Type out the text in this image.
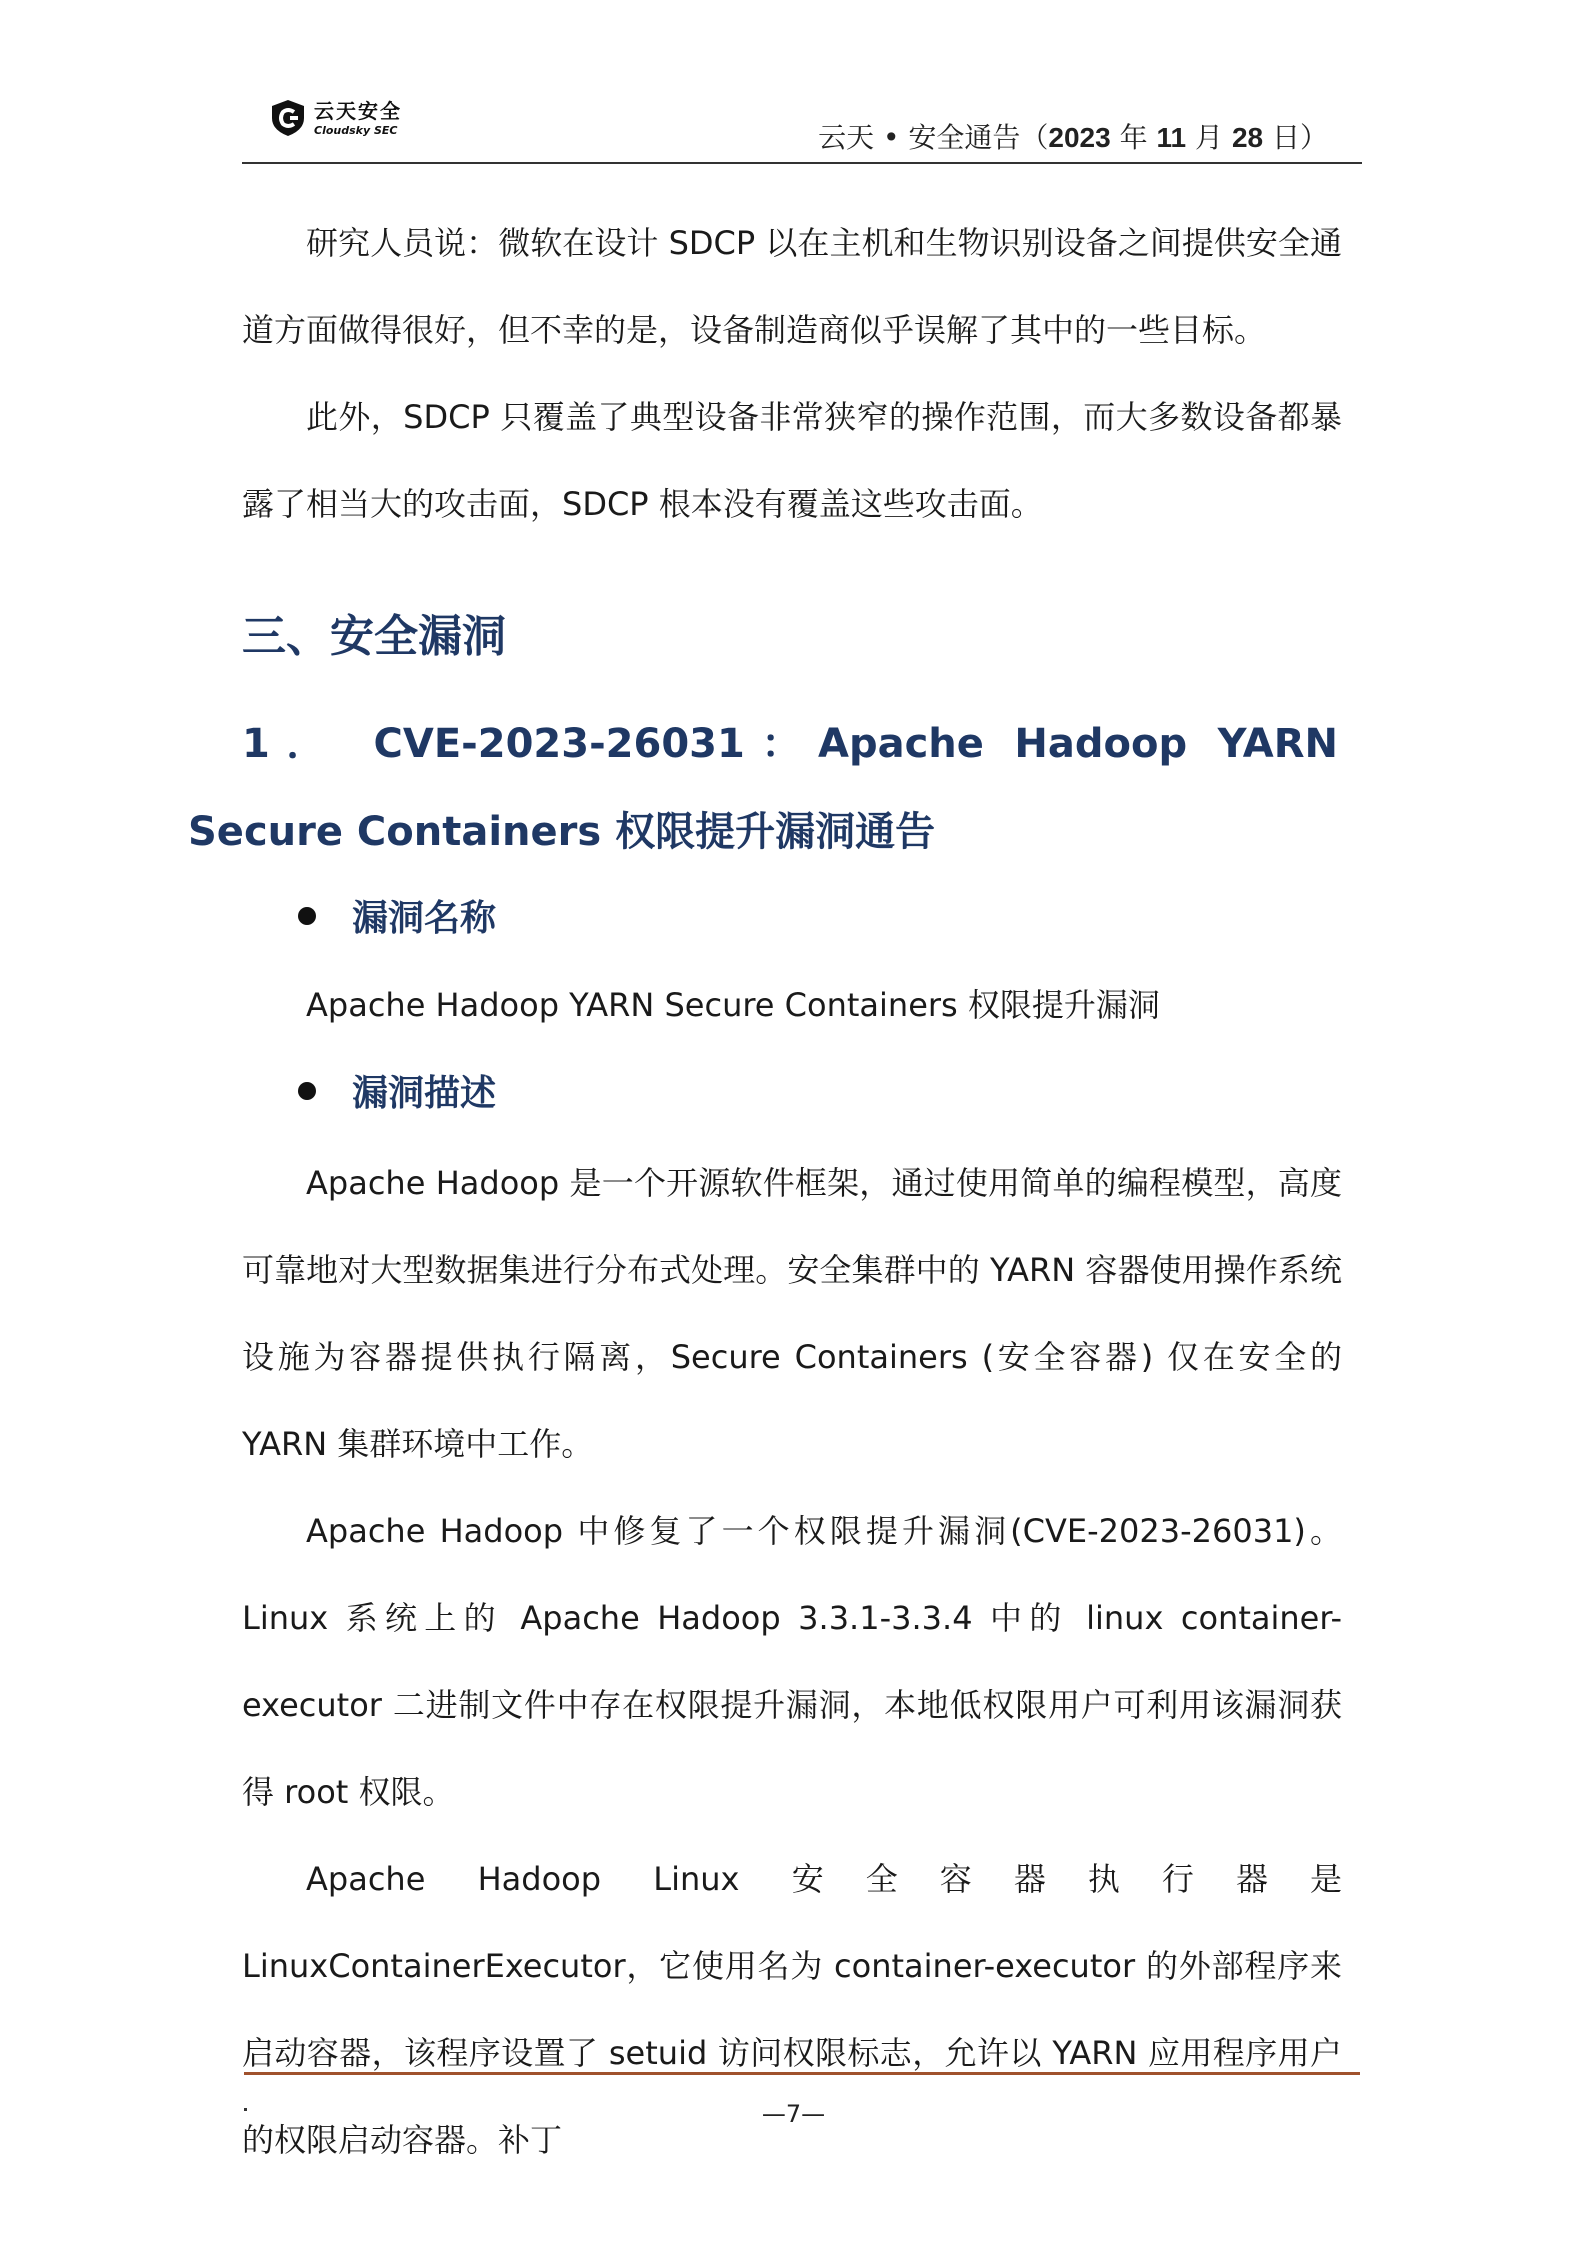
云天安全
Cloudsky SEC	云天 • 安全通告（2023 年 11 月 28 日）

研究人员说：微软在设计 SDCP 以在主机和生物识别设备之间提供安全通道方面做得很好，但不幸的是，设备制造商似乎误解了其中的一些目标。

此外，SDCP 只覆盖了典型设备非常狭窄的操作范围，而大多数设备都暴露了相当大的攻击面，SDCP 根本没有覆盖这些攻击面。

三、安全漏洞
1． CVE-2023-26031：Apache Hadoop YARN Secure Containers 权限提升漏洞通告
漏洞名称
Apache Hadoop YARN Secure Containers 权限提升漏洞
漏洞描述

Apache Hadoop 是一个开源软件框架，通过使用简单的编程模型，高度可靠地对大型数据集进行分布式处理。安全集群中的 YARN 容器使用操作系统设施为容器提供执行隔离，Secure Containers (安全容器) 仅在安全的 YARN 集群环境中工作。

Apache Hadoop 中修复了一个权限提升漏洞(CVE-2023-26031)。Linux 系统上的 Apache Hadoop 3.3.1-3.3.4 中的 linux container-executor 二进制文件中存在权限提升漏洞，本地低权限用户可利用该漏洞获得 root 权限。

Apache Hadoop Linux 安全容器执行器是 LinuxContainerExecutor，它使用名为 container-executor 的外部程序来启动容器，该程序设置了 setuid 访问权限标志，允许以 YARN 应用程序用户的权限启动容器。补丁

—7—
